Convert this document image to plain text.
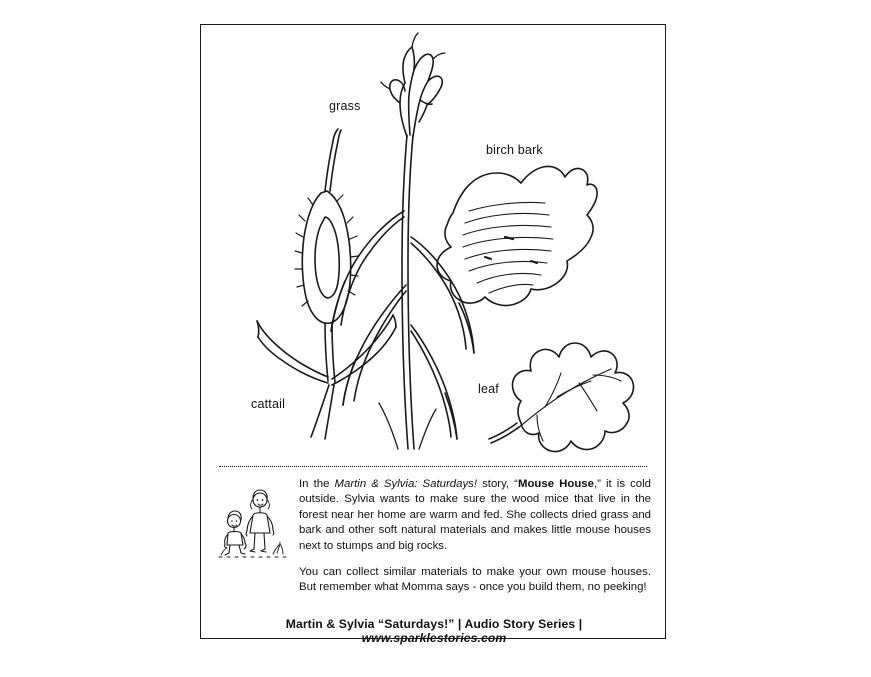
grass
birch bark
cattail
leaf

In the Martin & Sylvia: Saturdays! story, “Mouse House,” it is cold outside. Sylvia wants to make sure the wood mice that live in the forest near her home are warm and fed. She collects dried grass and bark and other soft natural materials and makes little mouse houses next to stumps and big rocks.

You can collect similar materials to make your own mouse houses. But remember what Momma says - once you build them, no peeking!

Martin & Sylvia “Saturdays!” | Audio Story Series | www.sparklestories.com
